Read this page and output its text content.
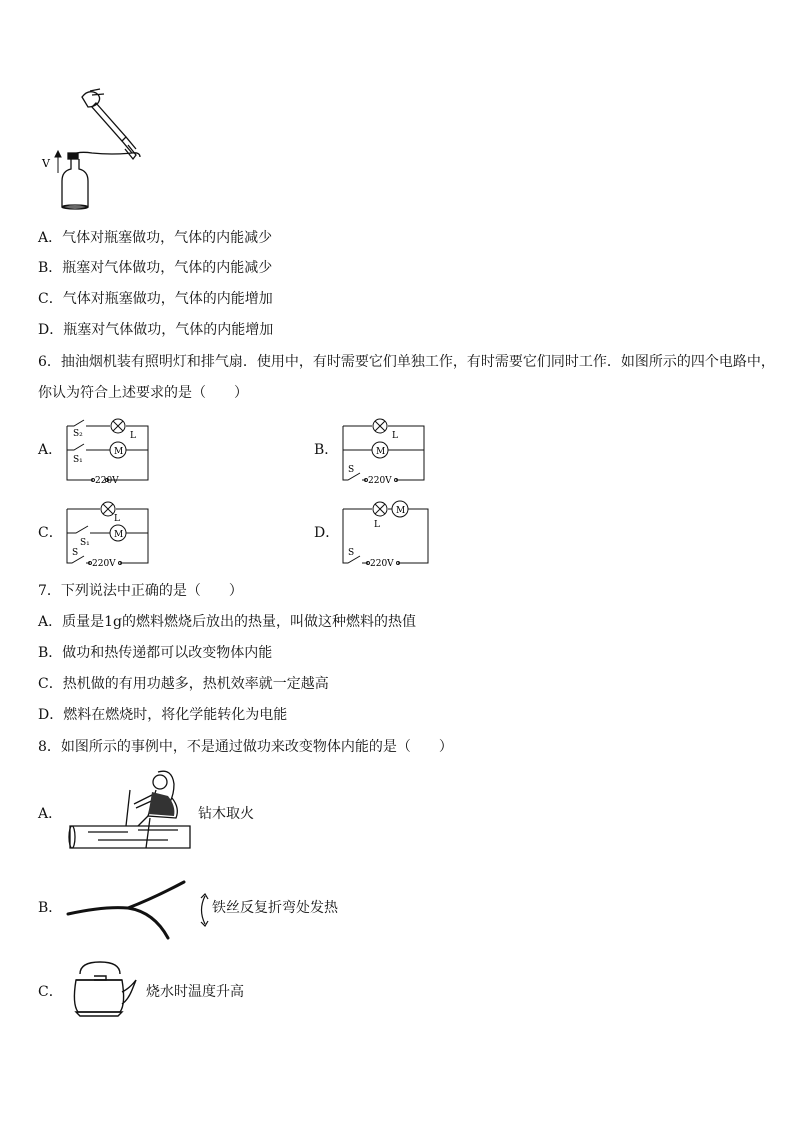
V
A．气体对瓶塞做功，气体的内能减少
B．瓶塞对气体做功，气体的内能减少
C．气体对瓶塞做功，气体的内能增加
D．瓶塞对气体做功，气体的内能增加
6．抽油烟机装有照明灯和排气扇．使用中，有时需要它们单独工作，有时需要它们同时工作．如图所示的四个电路中，
你认为符合上述要求的是（　　）
A．
S₂
S₁
L
M
220V
B．
L
M
S
220V
C．
L
S₁
M
S
220V
D．	L
M
S
220V
7．下列说法中正确的是（　　）
A．质量是1g的燃料燃烧后放出的热量，叫做这种燃料的热值
B．做功和热传递都可以改变物体内能
C．热机做的有用功越多，热机效率就一定越高
D．燃料在燃烧时，将化学能转化为电能
8．如图所示的事例中，不是通过做功来改变物体内能的是（　　）
A．	钻木取火
B．	铁丝反复折弯处发热
C．	烧水时温度升高
